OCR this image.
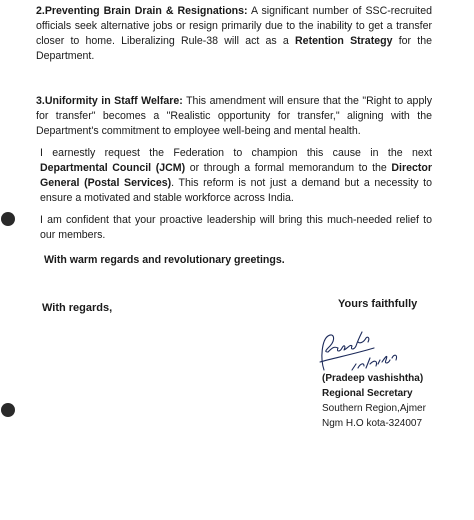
2.Preventing Brain Drain & Resignations: A significant number of SSC-recruited officials seek alternative jobs or resign primarily due to the inability to get a transfer closer to home. Liberalizing Rule-38 will act as a Retention Strategy for the Department.

3.Uniformity in Staff Welfare: This amendment will ensure that the "Right to apply for transfer" becomes a "Realistic opportunity for transfer," aligning with the Department's commitment to employee well-being and mental health.

I earnestly request the Federation to champion this cause in the next Departmental Council (JCM) or through a formal memorandum to the Director General (Postal Services). This reform is not just a demand but a necessity to ensure a motivated and stable workforce across India.

I am confident that your proactive leadership will bring this much-needed relief to our members.

With warm regards and revolutionary greetings.

With regards,	Yours faithfully
(Pradeep vashishtha)
Regional Secretary
Southern Region,Ajmer
Ngm H.O kota-324007
